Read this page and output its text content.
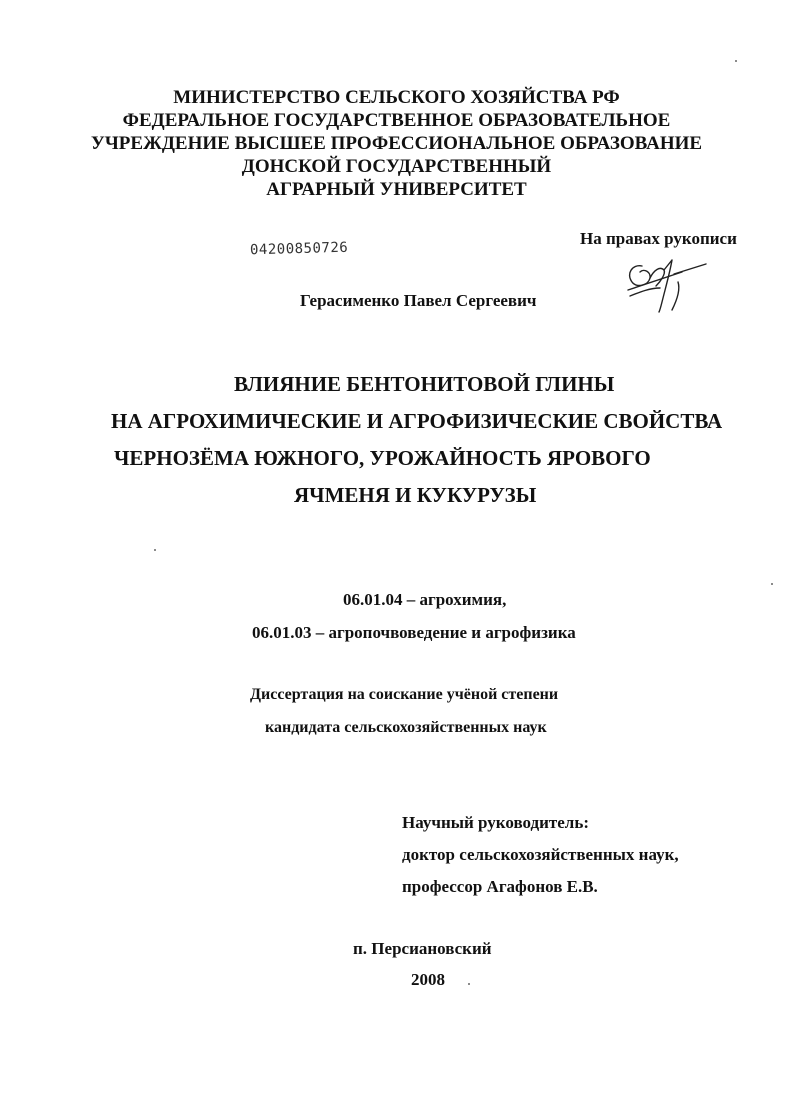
МИНИСТЕРСТВО СЕЛЬСКОГО ХОЗЯЙСТВА РФ
ФЕДЕРАЛЬНОЕ ГОСУДАРСТВЕННОЕ ОБРАЗОВАТЕЛЬНОЕ
УЧРЕЖДЕНИЕ ВЫСШЕЕ ПРОФЕССИОНАЛЬНОЕ ОБРАЗОВАНИЕ
ДОНСКОЙ ГОСУДАРСТВЕННЫЙ
АГРАРНЫЙ УНИВЕРСИТЕТ
04200850726
На правах рукописи
Герасименко Павел Сергеевич
ВЛИЯНИЕ БЕНТОНИТОВОЙ ГЛИНЫ
НА АГРОХИМИЧЕСКИЕ И АГРОФИЗИЧЕСКИЕ СВОЙСТВА
ЧЕРНОЗЁМА ЮЖНОГО, УРОЖАЙНОСТЬ ЯРОВОГО
ЯЧМЕНЯ И КУКУРУЗЫ
06.01.04 – агрохимия,
06.01.03 – агропочвоведение и агрофизика
Диссертация на соискание учёной степени
кандидата сельскохозяйственных наук
Научный руководитель:
доктор сельскохозяйственных наук,
профессор Агафонов Е.В.
п. Персиановский
2008
